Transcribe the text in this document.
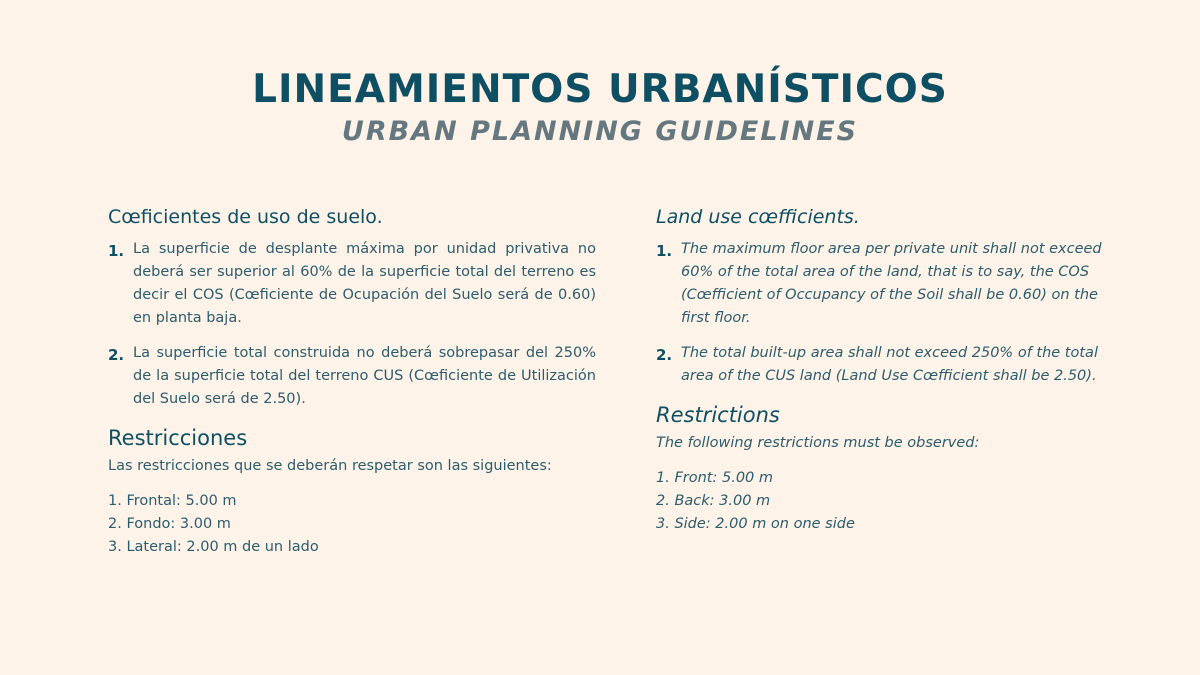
LINEAMIENTOS URBANÍSTICOS
URBAN PLANNING GUIDELINES
Cœficientes de uso de suelo.
1. La superficie de desplante máxima por unidad privativa no deberá ser superior al 60% de la superficie total del terreno es decir el COS (Cœficiente de Ocupación del Suelo será de 0.60) en planta baja.
2. La superficie total construida no deberá sobrepasar del 250% de la superficie total del terreno CUS (Cœficiente de Utilización del Suelo será de 2.50).
Restricciones

Las restricciones que se deberán respetar son las siguientes:

1. Frontal: 5.00 m
2. Fondo: 3.00 m
3. Lateral: 2.00 m de un lado
Land use cœfficients.
1. The maximum floor area per private unit shall not exceed 60% of the total area of the land, that is to say, the COS (Cœfficient of Occupancy of the Soil shall be 0.60) on the first floor.
2. The total built-up area shall not exceed 250% of the total area of the CUS land (Land Use Cœfficient shall be 2.50).
Restrictions

The following restrictions must be observed:

1. Front: 5.00 m
2. Back: 3.00 m
3. Side: 2.00 m on one side
